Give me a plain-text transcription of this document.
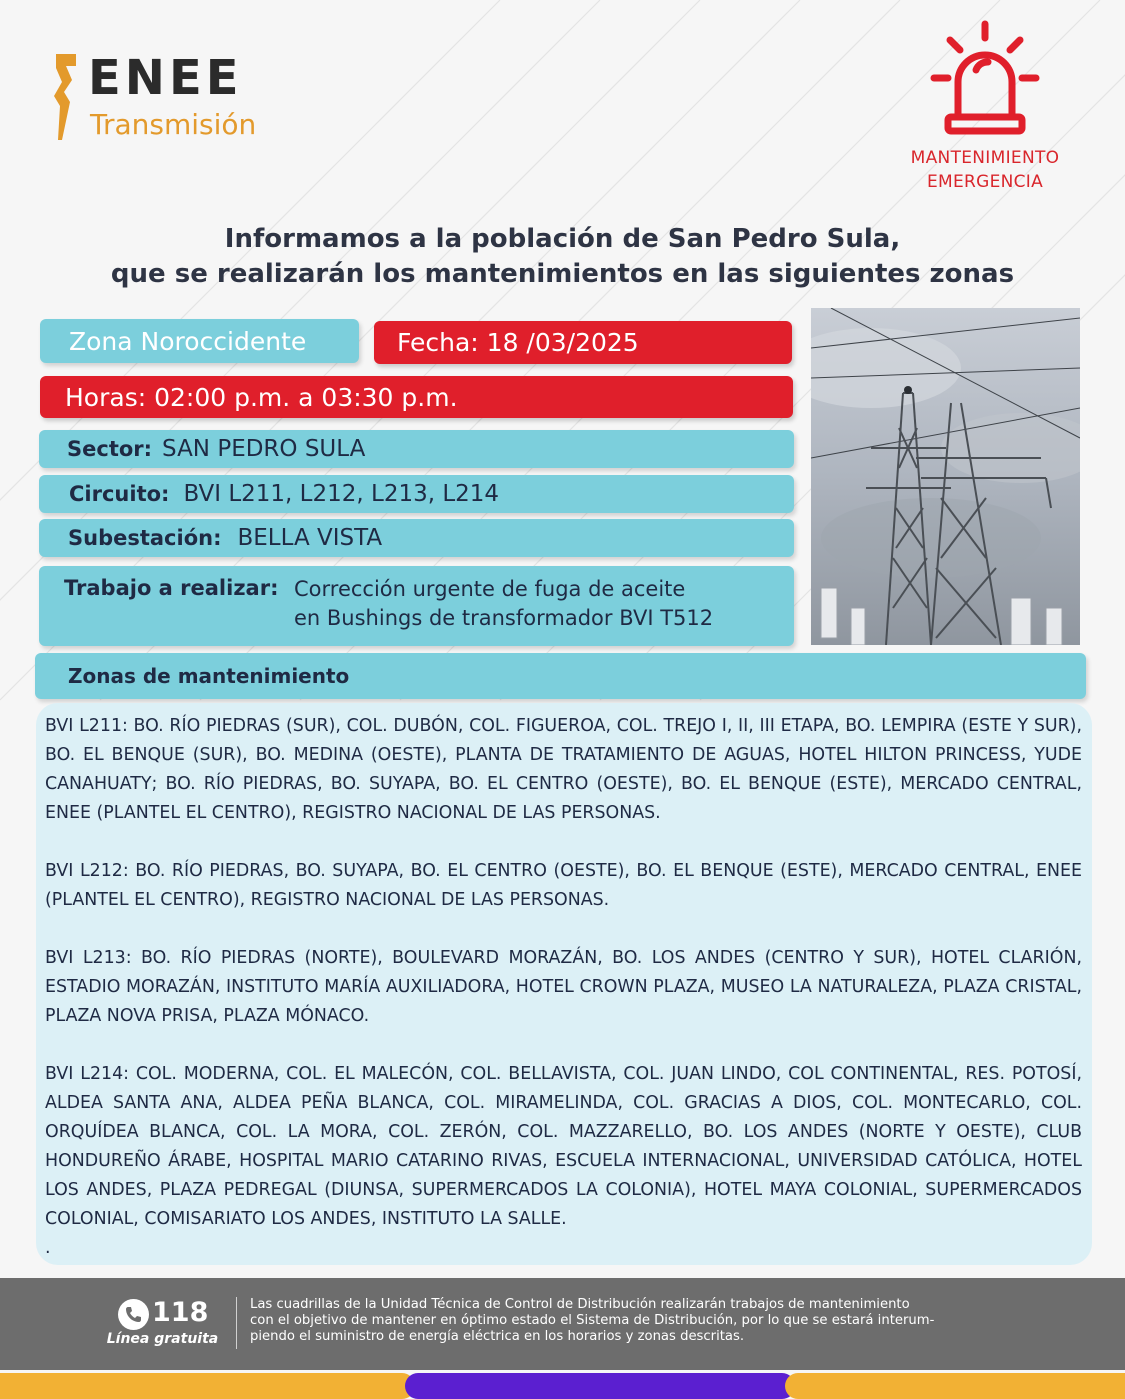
ENEE
Transmisión
MANTENIMIENTO
EMERGENCIA
Informamos a la población de San Pedro Sula,
que se realizarán los mantenimientos en las siguientes zonas
Zona Noroccidente	Fecha: 18 /03/2025
Horas: 02:00 p.m. a 03:30 p.m.
Sector: SAN PEDRO SULA
Circuito: BVI L211, L212, L213, L214
Subestación: BELLA VISTA
Trabajo a realizar: Corrección urgente de fuga de aceite
en Bushings de transformador BVI T512
Zonas de mantenimiento

BVI L211: BO. RÍO PIEDRAS (SUR), COL. DUBÓN, COL. FIGUEROA, COL. TREJO I, II, III ETAPA, BO. LEMPIRA (ESTE Y SUR), BO. EL BENQUE (SUR), BO. MEDINA (OESTE), PLANTA DE TRATAMIENTO DE AGUAS, HOTEL HILTON PRINCESS, YUDE CANAHUATY; BO. RÍO PIEDRAS, BO. SUYAPA, BO. EL CENTRO (OESTE), BO. EL BENQUE (ESTE), MERCADO CENTRAL, ENEE (PLANTEL EL CENTRO), REGISTRO NACIONAL DE LAS PERSONAS.

BVI L212: BO. RÍO PIEDRAS, BO. SUYAPA, BO. EL CENTRO (OESTE), BO. EL BENQUE (ESTE), MERCADO CENTRAL, ENEE (PLANTEL EL CENTRO), REGISTRO NACIONAL DE LAS PERSONAS.

BVI L213: BO. RÍO PIEDRAS (NORTE), BOULEVARD MORAZÁN, BO. LOS ANDES (CENTRO Y SUR), HOTEL CLARIÓN, ESTADIO MORAZÁN, INSTITUTO MARÍA AUXILIADORA, HOTEL CROWN PLAZA, MUSEO LA NATURALEZA, PLAZA CRISTAL, PLAZA NOVA PRISA, PLAZA MÓNACO.

BVI L214: COL. MODERNA, COL. EL MALECÓN, COL. BELLAVISTA, COL. JUAN LINDO, COL CONTINENTAL, RES. POTOSÍ, ALDEA SANTA ANA, ALDEA PEÑA BLANCA, COL. MIRAMELINDA, COL. GRACIAS A DIOS, COL. MONTECARLO, COL. ORQUÍDEA BLANCA, COL. LA MORA, COL. ZERÓN, COL. MAZZARELLO, BO. LOS ANDES (NORTE Y OESTE), CLUB HONDUREÑO ÁRABE, HOSPITAL MARIO CATARINO RIVAS, ESCUELA INTERNACIONAL, UNIVERSIDAD CATÓLICA, HOTEL LOS ANDES, PLAZA PEDREGAL (DIUNSA, SUPERMERCADOS LA COLONIA), HOTEL MAYA COLONIAL, SUPERMERCADOS COLONIAL, COMISARIATO LOS ANDES, INSTITUTO LA SALLE.

.
118
Línea gratuita
Las cuadrillas de la Unidad Técnica de Control de Distribución realizarán trabajos de mantenimiento
con el objetivo de mantener en óptimo estado el Sistema de Distribución, por lo que se estará interum-
piendo el suministro de energía eléctrica en los horarios y zonas descritas.
